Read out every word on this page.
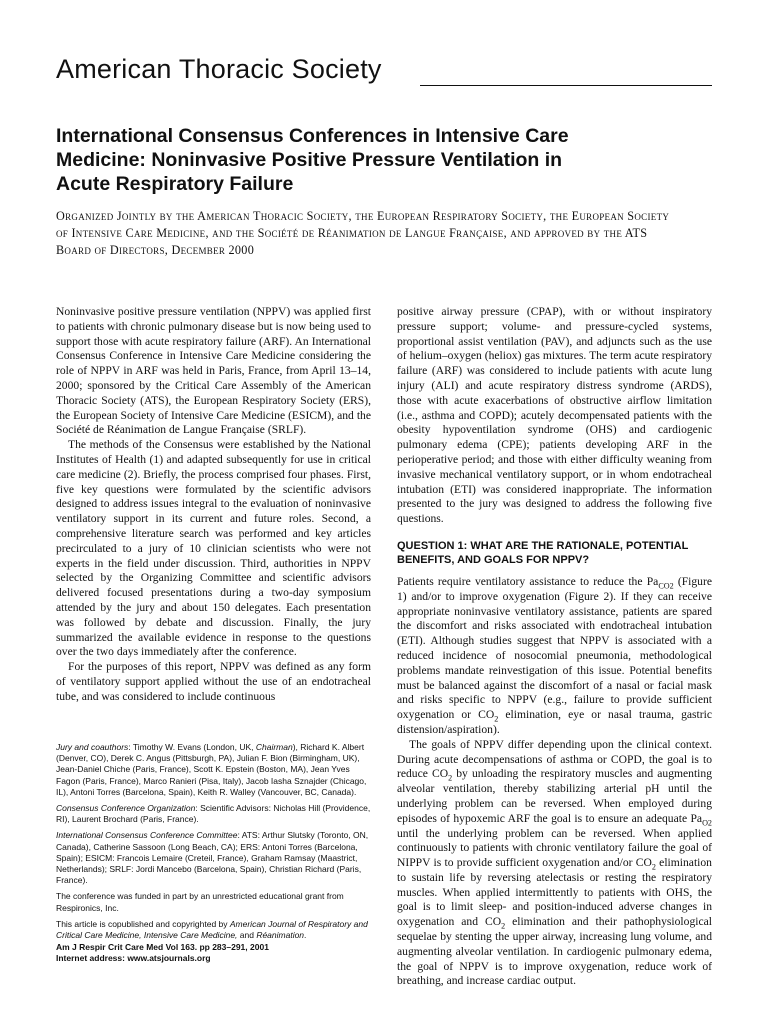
American Thoracic Society
International Consensus Conferences in Intensive Care
Medicine: Noninvasive Positive Pressure Ventilation in
Acute Respiratory Failure
Organized Jointly by the American Thoracic Society, the European Respiratory Society, the European Society
of Intensive Care Medicine, and the Société de Réanimation de Langue Française, and approved by the ATS
Board of Directors, December 2000

Noninvasive positive pressure ventilation (NPPV) was applied first to patients with chronic pulmonary disease but is now being used to support those with acute respiratory failure (ARF). An International Consensus Conference in Intensive Care Medicine considering the role of NPPV in ARF was held in Paris, France, from April 13–14, 2000; sponsored by the Critical Care Assembly of the American Thoracic Society (ATS), the European Respiratory Society (ERS), the European Society of Intensive Care Medicine (ESICM), and the Société de Réanimation de Langue Française (SRLF).

The methods of the Consensus were established by the National Institutes of Health (1) and adapted subsequently for use in critical care medicine (2). Briefly, the process comprised four phases. First, five key questions were formulated by the scientific advisors designed to address issues integral to the evaluation of noninvasive ventilatory support in its current and future roles. Second, a comprehensive literature search was performed and key articles precirculated to a jury of 10 clinician scientists who were not experts in the field under discussion. Third, authorities in NPPV selected by the Organizing Committee and scientific advisors delivered focused presentations during a two-day symposium attended by the jury and about 150 delegates. Each presentation was followed by debate and discussion. Finally, the jury summarized the available evidence in response to the questions over the two days immediately after the conference.

For the purposes of this report, NPPV was defined as any form of ventilatory support applied without the use of an endotracheal tube, and was considered to include continuous

Jury and coauthors: Timothy W. Evans (London, UK, Chairman), Richard K. Albert (Denver, CO), Derek C. Angus (Pittsburgh, PA), Julian F. Bion (Birmingham, UK), Jean-Daniel Chiche (Paris, France), Scott K. Epstein (Boston, MA), Jean Yves Fagon (Paris, France), Marco Ranieri (Pisa, Italy), Jacob Iasha Sznajder (Chicago, IL), Antoni Torres (Barcelona, Spain), Keith R. Walley (Vancouver, BC, Canada).

Consensus Conference Organization: Scientific Advisors: Nicholas Hill (Providence, RI), Laurent Brochard (Paris, France).

International Consensus Conference Committee: ATS: Arthur Slutsky (Toronto, ON, Canada), Catherine Sassoon (Long Beach, CA); ERS: Antoni Torres (Barcelona, Spain); ESICM: Francois Lemaire (Creteil, France), Graham Ramsay (Maastrict, Netherlands); SRLF: Jordi Mancebo (Barcelona, Spain), Christian Richard (Paris, France).

The conference was funded in part by an unrestricted educational grant from Respironics, Inc.

This article is copublished and copyrighted by American Journal of Respiratory and Critical Care Medicine, Intensive Care Medicine, and Réanimation.

Am J Respir Crit Care Med Vol 163. pp 283–291, 2001
Internet address: www.atsjournals.org

positive airway pressure (CPAP), with or without inspiratory pressure support; volume- and pressure-cycled systems, proportional assist ventilation (PAV), and adjuncts such as the use of helium–oxygen (heliox) gas mixtures. The term acute respiratory failure (ARF) was considered to include patients with acute lung injury (ALI) and acute respiratory distress syndrome (ARDS), those with acute exacerbations of obstructive airflow limitation (i.e., asthma and COPD); acutely decompensated patients with the obesity hypoventilation syndrome (OHS) and cardiogenic pulmonary edema (CPE); patients developing ARF in the perioperative period; and those with either difficulty weaning from invasive mechanical ventilatory support, or in whom endotracheal intubation (ETI) was considered inappropriate. The information presented to the jury was designed to address the following five questions.

QUESTION 1: WHAT ARE THE RATIONALE, POTENTIAL BENEFITS, AND GOALS FOR NPPV?

Patients require ventilatory assistance to reduce the $Pa_{CO2}$ (Figure 1) and/or to improve oxygenation (Figure 2). If they can receive appropriate noninvasive ventilatory assistance, patients are spared the discomfort and risks associated with endotracheal intubation (ETI). Although studies suggest that NPPV is associated with a reduced incidence of nosocomial pneumonia, methodological problems mandate reinvestigation of this issue. Potential benefits must be balanced against the discomfort of a nasal or facial mask and risks specific to NPPV (e.g., failure to provide sufficient oxygenation or $CO_2$ elimination, eye or nasal trauma, gastric distension/aspiration).

The goals of NPPV differ depending upon the clinical context. During acute decompensations of asthma or COPD, the goal is to reduce $CO_2$ by unloading the respiratory muscles and augmenting alveolar ventilation, thereby stabilizing arterial pH until the underlying problem can be reversed. When employed during episodes of hypoxemic ARF the goal is to ensure an adequate $Pa_{O2}$ until the underlying problem can be reversed. When applied continuously to patients with chronic ventilatory failure the goal of NIPPV is to provide sufficient oxygenation and/or $CO_2$ elimination to sustain life by reversing atelectasis or resting the respiratory muscles. When applied intermittently to patients with OHS, the goal is to limit sleep- and position-induced adverse changes in oxygenation and $CO_2$ elimination and their pathophysiological sequelae by stenting the upper airway, increasing lung volume, and augmenting alveolar ventilation. In cardiogenic pulmonary edema, the goal of NPPV is to improve oxygenation, reduce work of breathing, and increase cardiac output.
